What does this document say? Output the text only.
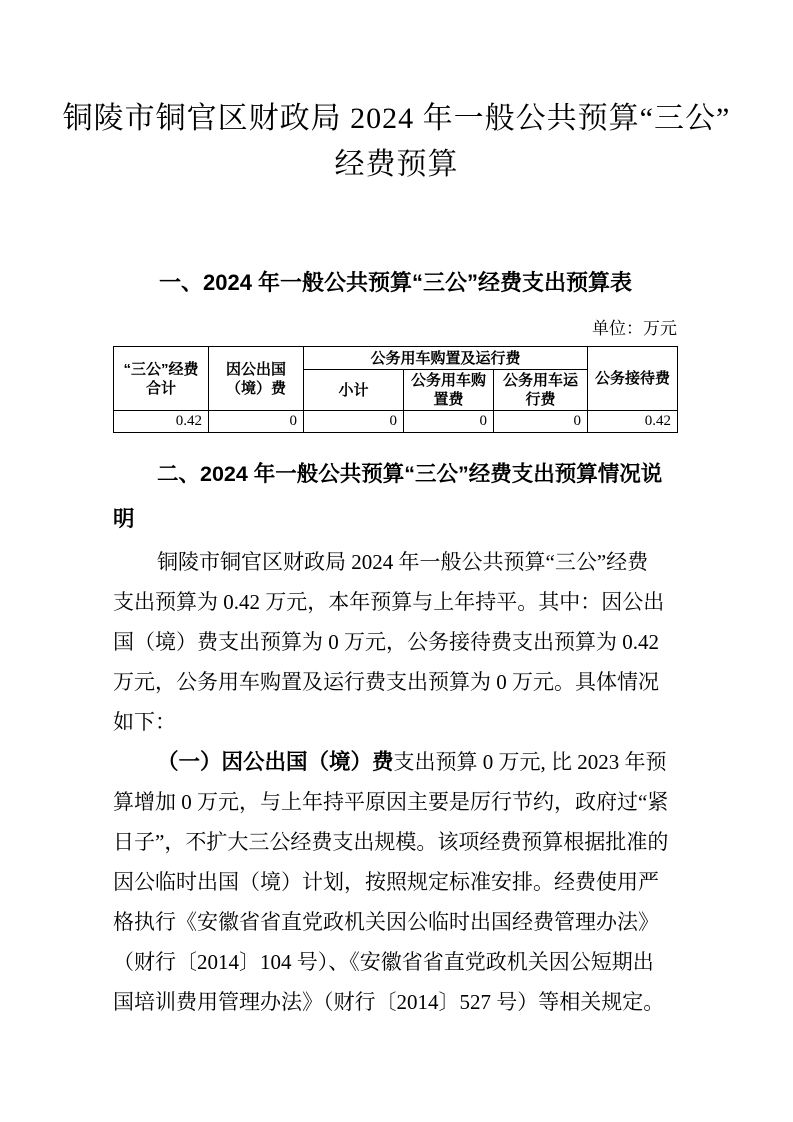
铜陵市铜官区财政局 2024 年一般公共预算“三公”
经费预算
一、2024 年一般公共预算“三公”经费支出预算表
单位：万元
“三公”经费合计	因公出国（境）费	公务用车购置及运行费			公务接待费
		小计	公务用车购置费	公务用车运行费	
0.42	0	0	0	0	0.42
二、2024 年一般公共预算“三公”经费支出预算情况说
明
铜陵市铜官区财政局 2024 年一般公共预算“三公”经费
支出预算为 0.42 万元，本年预算与上年持平。其中：因公出
国（境）费支出预算为 0 万元，公务接待费支出预算为 0.42
万元，公务用车购置及运行费支出预算为 0 万元。具体情况
如下：
（一）因公出国（境）费支出预算 0 万元, 比 2023 年预
算增加 0 万元，与上年持平原因主要是厉行节约，政府过“紧
日子”，不扩大三公经费支出规模。该项经费预算根据批准的
因公临时出国（境）计划，按照规定标准安排。经费使用严
格执行《安徽省省直党政机关因公临时出国经费管理办法》
（财行〔2014〕104 号）、《安徽省省直党政机关因公短期出
国培训费用管理办法》（财行〔2014〕527 号）等相关规定。
